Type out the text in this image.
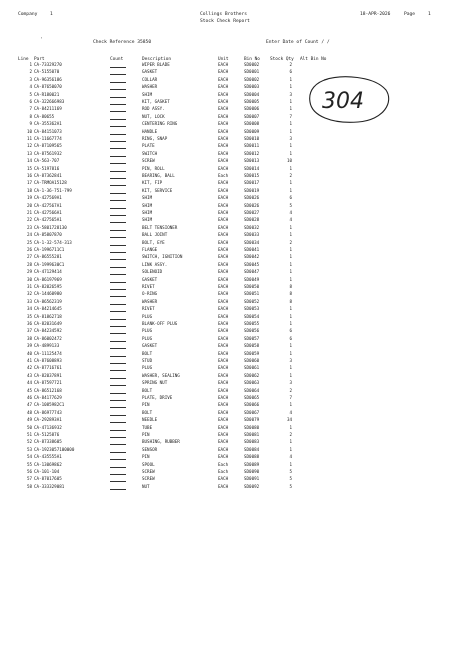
Company	1	Collings Brothers	18-APR-2026	Page	1
Stock Check Report
'	Check Reference 35850	Enter Date of Count / /
Line Part	Count	Description	Unit	Bin No Stock Qty Alt Bin No
304
1 CA-73329270	WIPER BLADE	EACH	SD0002	2
2 CA-5155070	GASKET	EACH	SD0001	6
3 CA-96356186	COLLAR	EACH	SD0002	1
4 CA-87650070	WASHER	EACH	SD0003	1
5 CA-R180021	SHIM	EACH	SD0004	3
6 CA-322666983	KIT, GASKET	EACH	SD0005	1
7 CA-84211169	ROD ASSY.	EACH	SD0006	1
8 CA-80655	NUT, LOCK	EACH	SD0007	7
9 CA-355362A1	CENTERING RING	EACH	SD0008	1
10 CA-84151073	HANDLE	EACH	SD0009	1
11 CA-11667774	RING, SNAP	EACH	SD0010	3
12 CA-87109565	PLATE	EACH	SD0011	1
13 CA-87561932	SWITCH	EACH	SD0012	1
14 CA-563-707	SCREW	EACH	SD0013	10
15 CA-5197816	PIN, ROLL	EACH	SD0014	1
16 CA-87362841	BEARING, BALL	Each	SD0015	2
17 CA-TRMOA15128	KIT, FIP	EACH	SD0017	1
18 CA-1-36-751-799	KIT, SERVICE	EACH	SD0019	1
19 CA-427569A1	SHIM	EACH	SD0026	6
20 CA-427567A1	SHIM	EACH	SD0026	5
21 CA-427566A1	SHIM	EACH	SD0027	4
22 CA-427565A1	SHIM	EACH	SD0028	4
23 CA-5801728130	BELT TENSIONER	EACH	SD0032	1
24 CA-85807870	BALL JOINT	EACH	SD0033	1
25 CA-1-32-574-313	BOLT, EYE	EACH	SD0034	2
26 CA-1996711C1	FLANGE	EACH	SD0041	1
27 CA-86555281	SWITCH, IGNITION	EACH	SD0042	1
28 CA-1999630C1	LINK ASSY.	EACH	SD0045	1
29 CA-47129414	SOLENOID	EACH	SD0047	1
30 CA-86197969	GASKET	EACH	SD0049	1
31 CA-82026595	RIVET	EACH	SD0050	8
32 CA-14460980	O-RING	EACH	SD0051	8
33 CA-86562319	WASHER	EACH	SD0052	8
34 CA-84214645	RIVET	EACH	SD0053	1
35 CA-81862718	PLUG	EACH	SD0054	1
36 CA-82031649	BLANK-OFF PLUG	EACH	SD0055	1
37 CA-84234592	PLUG	EACH	SD0056	6
38 CA-86002472	PLUG	EACH	SD0057	6
39 CA-4899133	GASKET	EACH	SD0058	1
40 CA-11125474	BOLT	EACH	SD0059	1
41 CA-87608893	STUD	EACH	SD0060	3
42 CA-87716761	PLUG	EACH	SD0061	1
43 CA-82037891	WASHER, SEALING	EACH	SD0062	1
44 CA-87597721	SPRING NUT	EACH	SD0063	3
45 CA-86512168	BOLT	EACH	SD0064	2
46 CA-84177629	PLATE, DRIVE	EACH	SD0065	7
47 CA-1085982C1	PIN	EACH	SD0066	1
48 CA-86977743	BOLT	EACH	SD0067	4
49 CA-292893A1	NEEDLE	EACH	SD0079	34
50 CA-47136932	TUBE	EACH	SD0080	1
51 CA-5125876	PIN	EACH	SD0081	2
52 CA-87338605	BUSHING, RUBBER	EACH	SD0083	1
53 CA-1923057100000	SENSOR	EACH	SD0084	1
54 CA-435555A1	PIN	EACH	SD0088	4
55 CA-13069862	SPOOL	Each	SD0089	1
56 CA-101-104	SCREW	Each	SD0090	5
57 CA-87017605	SCREW	EACH	SD0091	5
58 CA-333329081	NUT	EACH	SD0092	5
